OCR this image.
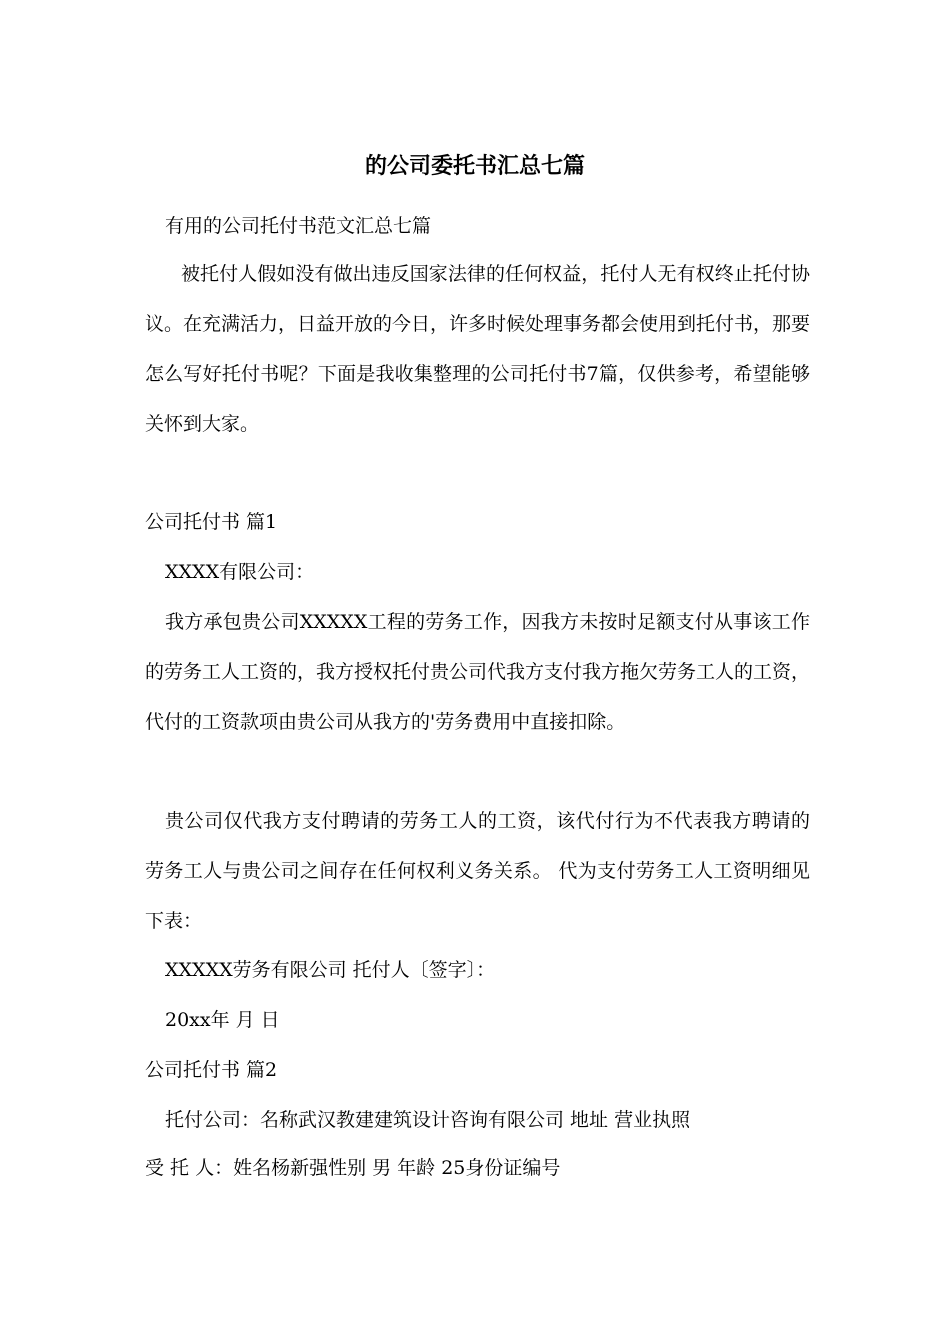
的公司委托书汇总七篇

有用的公司托付书范文汇总七篇

被托付人假如没有做出违反国家法律的任何权益，托付人无有权终止托付协议。在充满活力，日益开放的今日，许多时候处理事务都会使用到托付书，那要怎么写好托付书呢？下面是我收集整理的公司托付书7篇，仅供参考，希望能够关怀到大家。

公司托付书 篇1

XXXX有限公司：

我方承包贵公司XXXXX工程的劳务工作，因我方未按时足额支付从事该工作的劳务工人工资的，我方授权托付贵公司代我方支付我方拖欠劳务工人的工资，代付的工资款项由贵公司从我方的'劳务费用中直接扣除。

贵公司仅代我方支付聘请的劳务工人的工资，该代付行为不代表我方聘请的劳务工人与贵公司之间存在任何权利义务关系。 代为支付劳务工人工资明细见下表：

XXXXX劳务有限公司 托付人〔签字〕：

20xx年 月 日

公司托付书 篇2

托付公司：名称武汉教建建筑设计咨询有限公司 地址 营业执照

受 托 人：姓名杨新强性别 男 年龄 25身份证编号
